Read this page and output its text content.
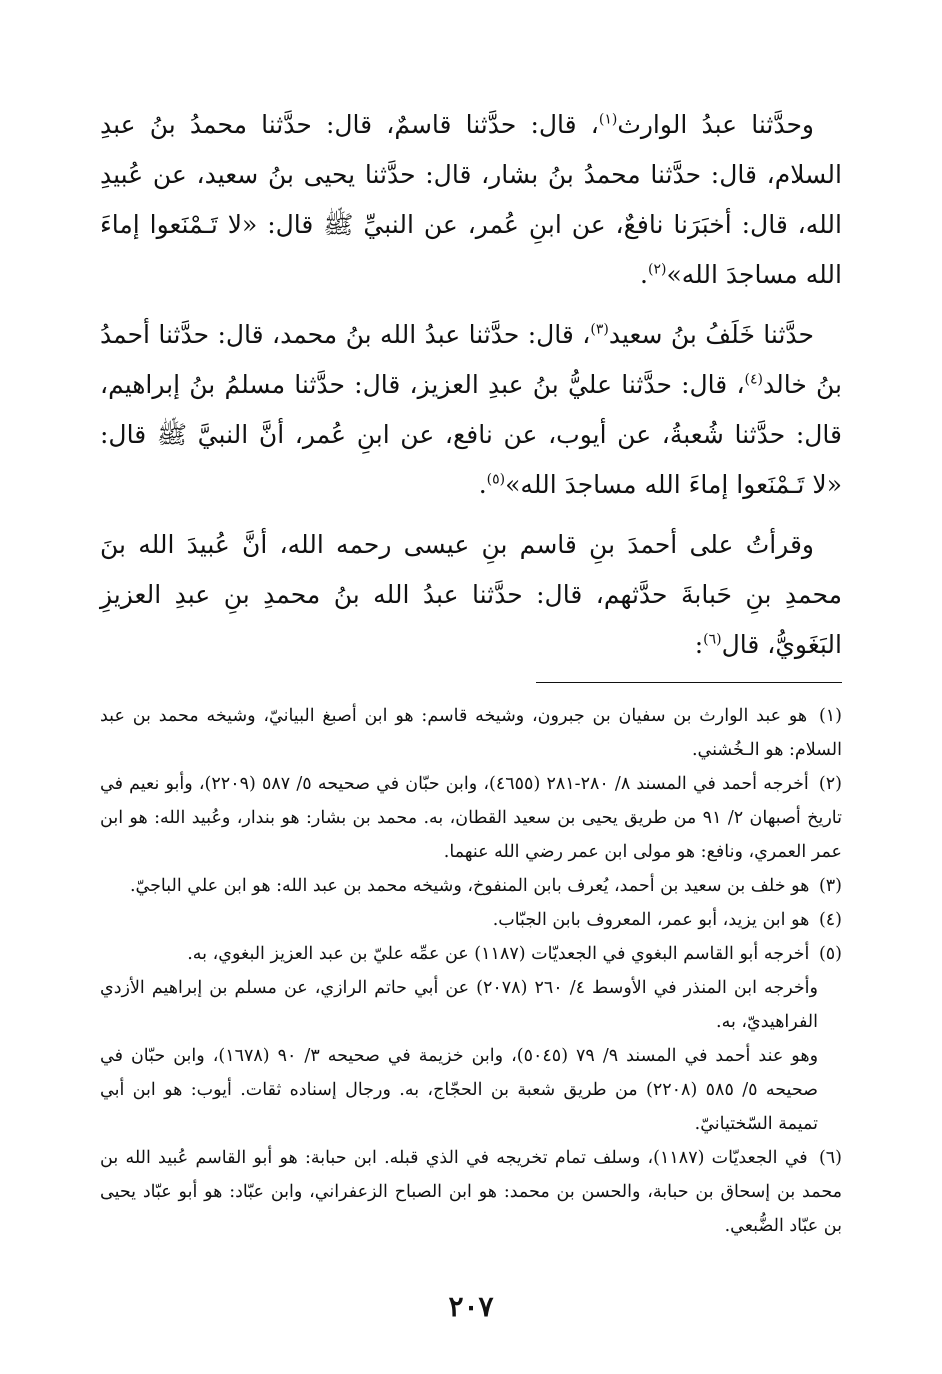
وحدَّثنا عبدُ الوارث$^{(١)}$، قال: حدَّثنا قاسمٌ، قال: حدَّثنا محمدُ بنُ عبدِ السلام، قال: حدَّثنا محمدُ بنُ بشار، قال: حدَّثنا يحيى بنُ سعيد، عن عُبيدِ الله، قال: أخبَرَنا نافعٌ، عن ابنِ عُمر، عن النبيِّ ﷺ قال: «لا تَـمْنَعوا إماءَ الله مساجدَ الله»$^{(٢)}$.

حدَّثنا خَلَفُ بنُ سعيد$^{(٣)}$، قال: حدَّثنا عبدُ الله بنُ محمد، قال: حدَّثنا أحمدُ بنُ خالد$^{(٤)}$، قال: حدَّثنا عليُّ بنُ عبدِ العزيز، قال: حدَّثنا مسلمُ بنُ إبراهيم، قال: حدَّثنا شُعبةُ، عن أيوب، عن نافع، عن ابنِ عُمر، أنَّ النبيَّ ﷺ قال: «لا تَـمْنَعوا إماءَ الله مساجدَ الله»$^{(٥)}$.

وقرأتُ على أحمدَ بنِ قاسم بنِ عيسى رحمه الله، أنَّ عُبيدَ الله بنَ محمدِ بنِ حَبابةَ حدَّثهم، قال: حدَّثنا عبدُ الله بنُ محمدِ بنِ عبدِ العزيزِ البَغَويُّ، قال$^{(٦)}$:

(١) هو عبد الوارث بن سفيان بن جبرون، وشيخه قاسم: هو ابن أصبغ البيانيّ، وشيخه محمد بن عبد السلام: هو الـخُشني.
(٢) أخرجه أحمد في المسند ٨/ ٢٨٠-٢٨١ (٤٦٥٥)، وابن حبّان في صحيحه ٥/ ٥٨٧ (٢٢٠٩)، وأبو نعيم في تاريخ أصبهان ٢/ ٩١ من طريق يحيى بن سعيد القطان، به. محمد بن بشار: هو بندار، وعُبيد الله: هو ابن عمر العمري، ونافع: هو مولى ابن عمر رضي الله عنهما.
(٣) هو خلف بن سعيد بن أحمد، يُعرف بابن المنفوخ، وشيخه محمد بن عبد الله: هو ابن علي الباجيّ.
(٤) هو ابن يزيد، أبو عمر، المعروف بابن الجبّاب.
(٥) أخرجه أبو القاسم البغوي في الجعديّات (١١٨٧) عن عمِّه عليّ بن عبد العزيز البغوي، به.
وأخرجه ابن المنذر في الأوسط ٤/ ٢٦٠ (٢٠٧٨) عن أبي حاتم الرازي، عن مسلم بن إبراهيم الأزدي الفراهيديّ، به.
وهو عند أحمد في المسند ٩/ ٧٩ (٥٠٤٥)، وابن خزيمة في صحيحه ٣/ ٩٠ (١٦٧٨)، وابن حبّان في صحيحه ٥/ ٥٨٥ (٢٢٠٨) من طريق شعبة بن الحجّاج، به. ورجال إسناده ثقات. أيوب: هو ابن أبي تميمة السّختيانيّ.
(٦) في الجعديّات (١١٨٧)، وسلف تمام تخريجه في الذي قبله. ابن حبابة: هو أبو القاسم عُبيد الله بن محمد بن إسحاق بن حبابة، والحسن بن محمد: هو ابن الصباح الزعفراني، وابن عبّاد: هو أبو عبّاد يحيى بن عبّاد الضُّبعي.
٢٠٧
